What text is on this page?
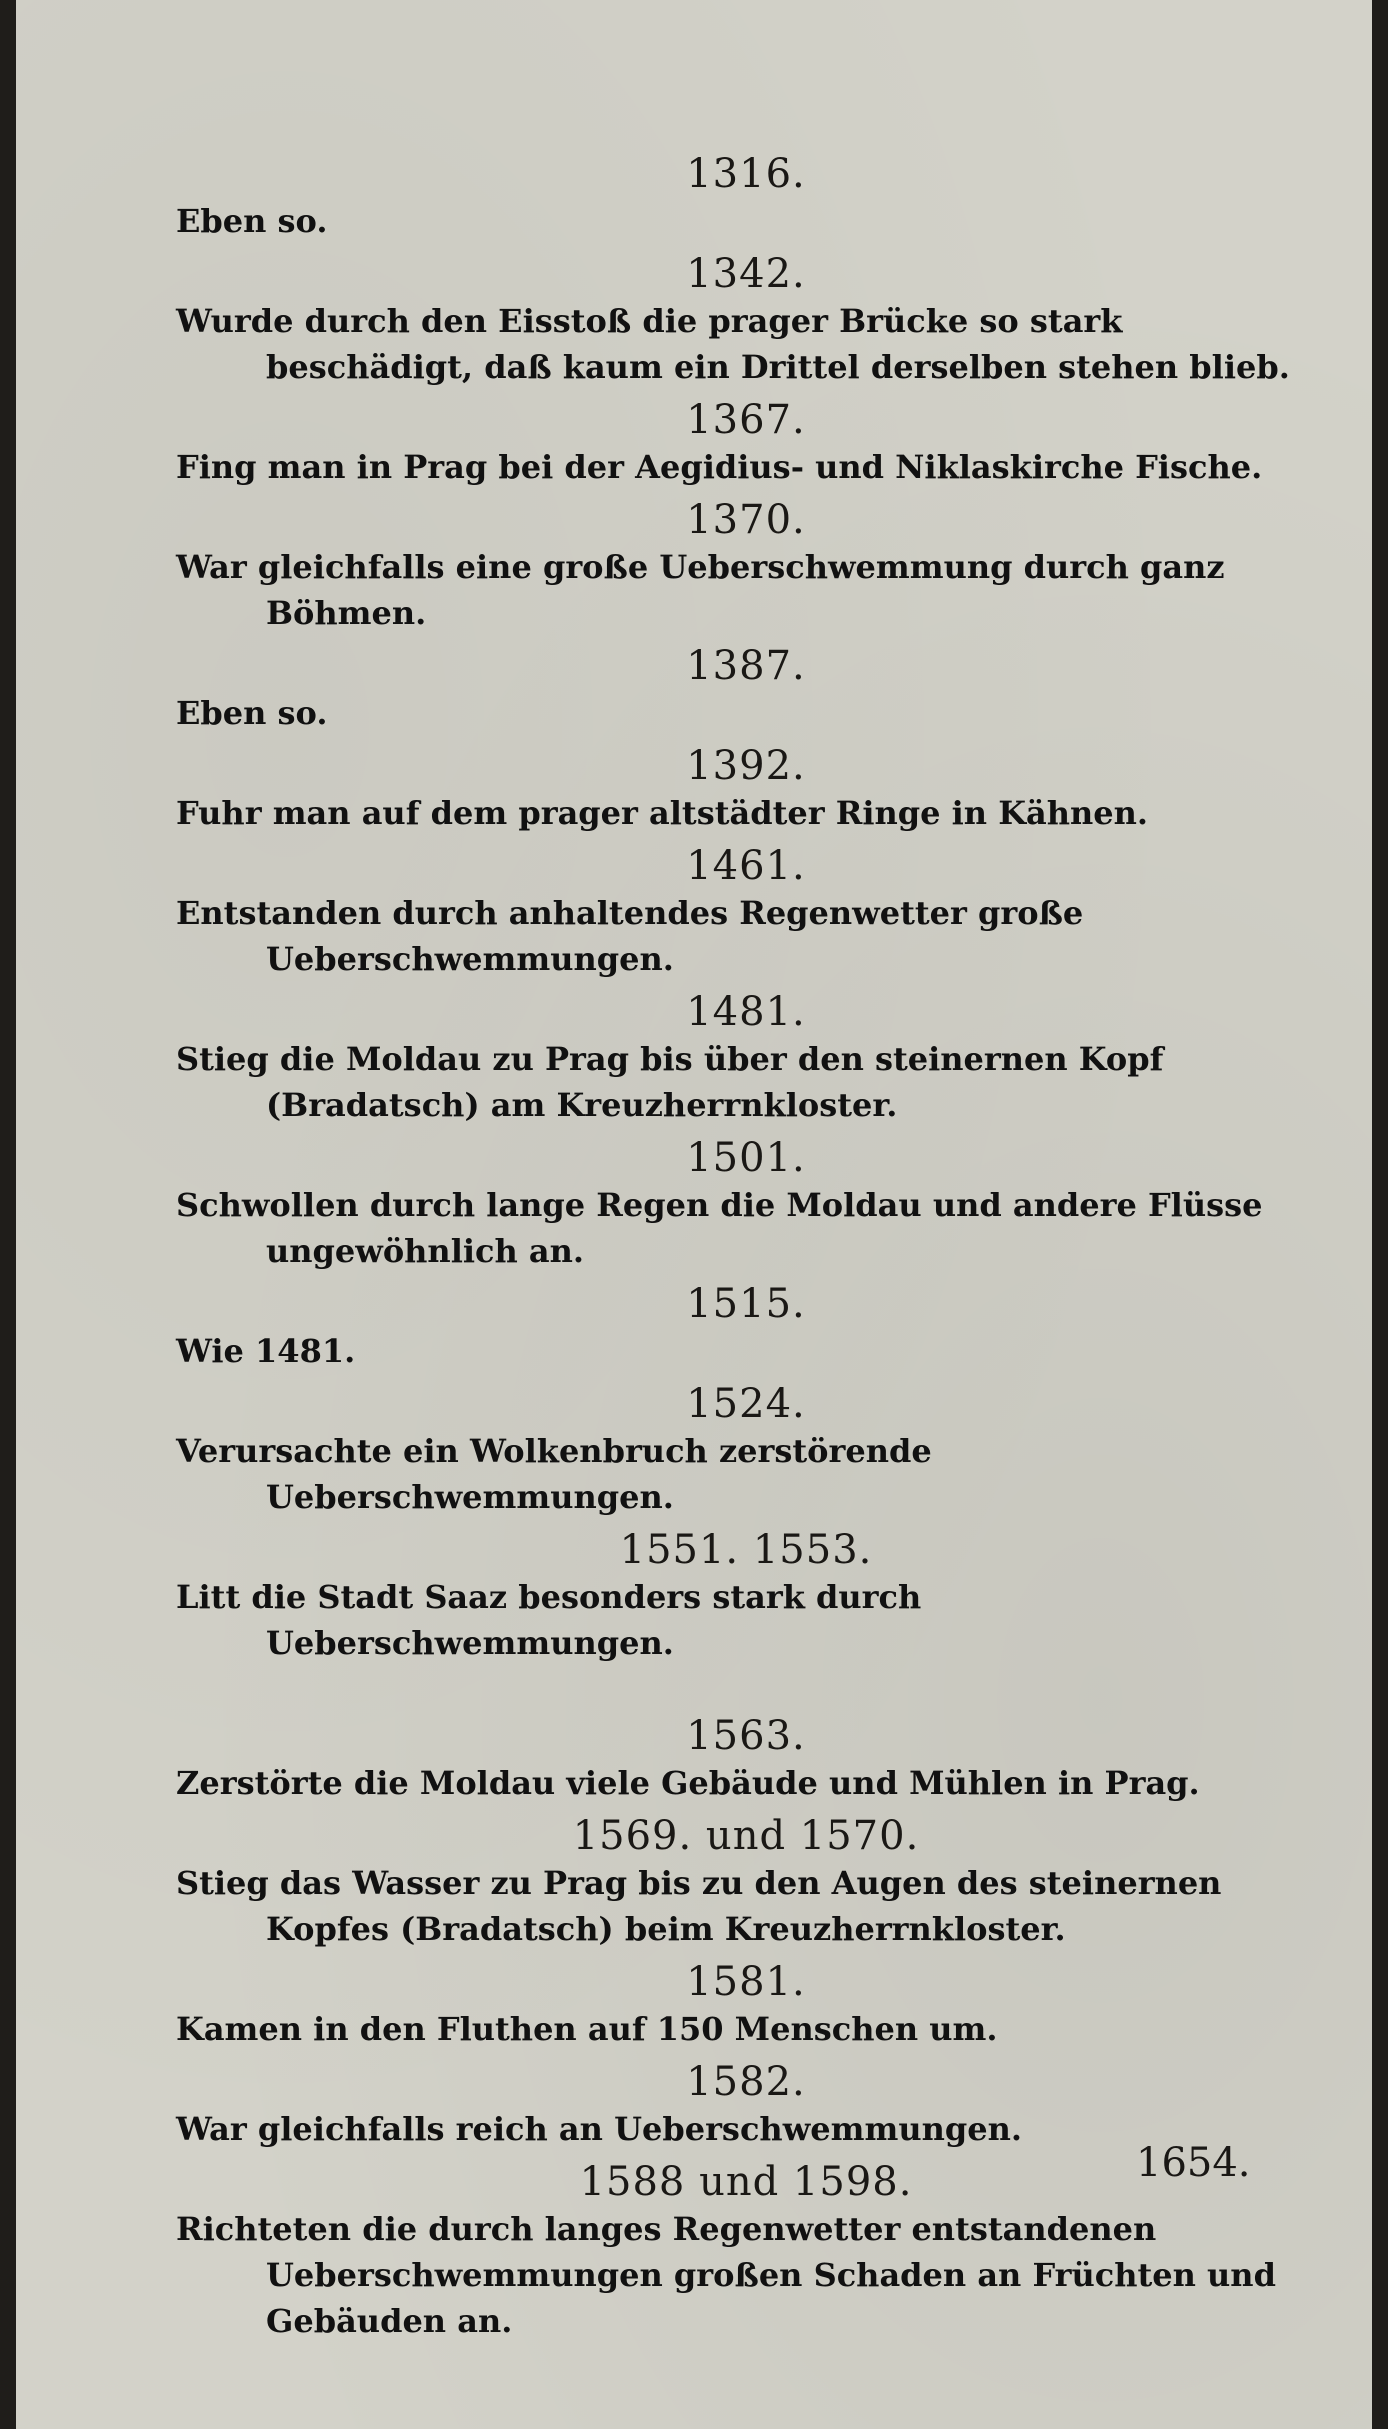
1316.
Eben so.
1342.
Wurde durch den Eisstoß die prager Brücke so stark beschädigt, daß kaum ein Drittel derselben stehen blieb.
1367.
Fing man in Prag bei der Aegidius- und Niklaskirche Fische.
1370.
War gleichfalls eine große Ueberschwemmung durch ganz Böhmen.
1387.
Eben so.
1392.
Fuhr man auf dem prager altstädter Ringe in Kähnen.
1461.
Entstanden durch anhaltendes Regenwetter große Ueberschwemmungen.
1481.
Stieg die Moldau zu Prag bis über den steinernen Kopf (Bradatsch) am Kreuzherrnkloster.
1501.
Schwollen durch lange Regen die Moldau und andere Flüsse ungewöhnlich an.
1515.
Wie 1481.
1524.
Verursachte ein Wolkenbruch zerstörende Ueberschwemmungen.
1551. 1553.
Litt die Stadt Saaz besonders stark durch Ueberschwemmungen.
1563.
Zerstörte die Moldau viele Gebäude und Mühlen in Prag.
1569. und 1570.
Stieg das Wasser zu Prag bis zu den Augen des steinernen Kopfes (Bradatsch) beim Kreuzherrnkloster.
1581.
Kamen in den Fluthen auf 150 Menschen um.
1582.
War gleichfalls reich an Ueberschwemmungen.
1588 und 1598.
Richteten die durch langes Regenwetter entstandenen Ueberschwemmungen großen Schaden an Früchten und Gebäuden an.
1654.
